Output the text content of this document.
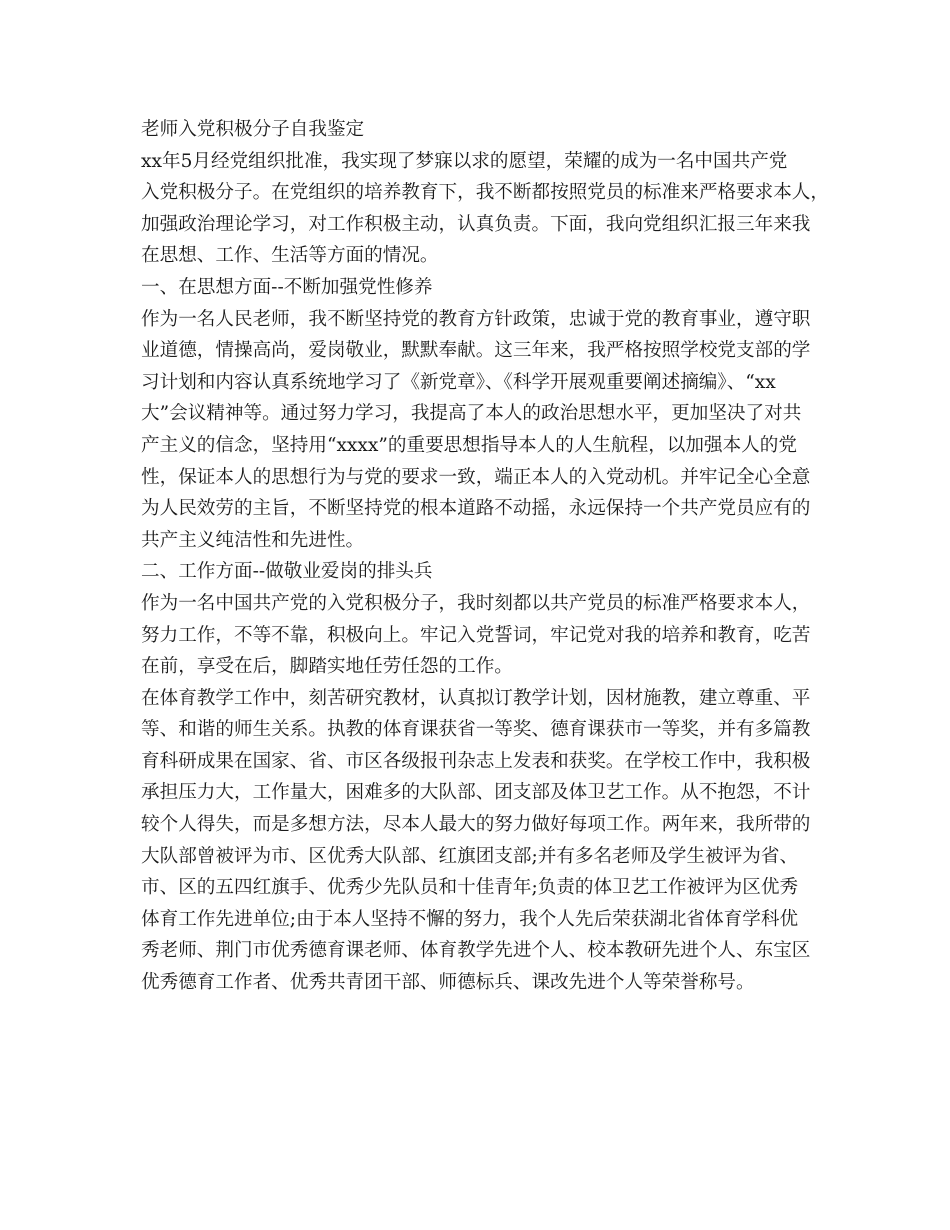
老师入党积极分子自我鉴定
xx年5月经党组织批准，我实现了梦寐以求的愿望，荣耀的成为一名中国共产党
入党积极分子。在党组织的培养教育下，我不断都按照党员的标准来严格要求本人，
加强政治理论学习，对工作积极主动，认真负责。下面，我向党组织汇报三年来我
在思想、工作、生活等方面的情况。
一、在思想方面--不断加强党性修养
作为一名人民老师，我不断坚持党的教育方针政策，忠诚于党的教育事业，遵守职
业道德，情操高尚，爱岗敬业，默默奉献。这三年来，我严格按照学校党支部的学
习计划和内容认真系统地学习了《新党章》、《科学开展观重要阐述摘编》、“xx
大”会议精神等。通过努力学习，我提高了本人的政治思想水平，更加坚决了对共
产主义的信念，坚持用“xxxx”的重要思想指导本人的人生航程，以加强本人的党
性，保证本人的思想行为与党的要求一致，端正本人的入党动机。并牢记全心全意
为人民效劳的主旨，不断坚持党的根本道路不动摇，永远保持一个共产党员应有的
共产主义纯洁性和先进性。
二、工作方面--做敬业爱岗的排头兵
作为一名中国共产党的入党积极分子，我时刻都以共产党员的标准严格要求本人，
努力工作，不等不靠，积极向上。牢记入党誓词，牢记党对我的培养和教育，吃苦
在前，享受在后，脚踏实地任劳任怨的工作。
在体育教学工作中，刻苦研究教材，认真拟订教学计划，因材施教，建立尊重、平
等、和谐的师生关系。执教的体育课获省一等奖、德育课获市一等奖，并有多篇教
育科研成果在国家、省、市区各级报刊杂志上发表和获奖。在学校工作中，我积极
承担压力大，工作量大，困难多的大队部、团支部及体卫艺工作。从不抱怨，不计
较个人得失，而是多想方法，尽本人最大的努力做好每项工作。两年来，我所带的
大队部曾被评为市、区优秀大队部、红旗团支部;并有多名老师及学生被评为省、
市、区的五四红旗手、优秀少先队员和十佳青年;负责的体卫艺工作被评为区优秀
体育工作先进单位;由于本人坚持不懈的努力，我个人先后荣获湖北省体育学科优
秀老师、荆门市优秀德育课老师、体育教学先进个人、校本教研先进个人、东宝区
优秀德育工作者、优秀共青团干部、师德标兵、课改先进个人等荣誉称号。
